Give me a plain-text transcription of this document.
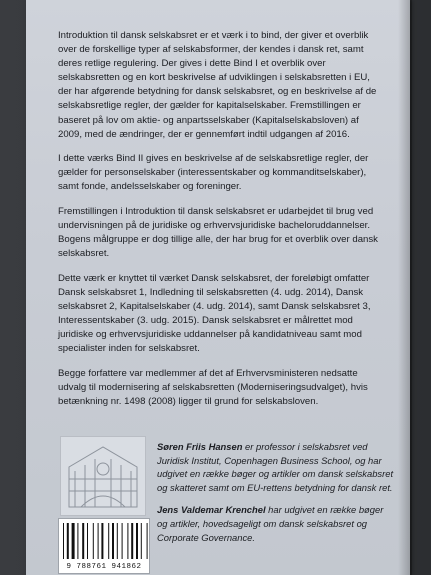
Introduktion til dansk selskabsret er et værk i to bind, der giver et overblik over de forskellige typer af selskabsformer, der kendes i dansk ret, samt deres retlige regulering. Der gives i dette Bind I et overblik over selskabsretten og en kort beskrivelse af udviklingen i selskabsretten i EU, der har afgørende betydning for dansk selskabsret, og en beskrivelse af de selskabsretlige regler, der gælder for kapitalselskaber. Fremstillingen er baseret på lov om aktie- og anpartsselskaber (Kapitalselskabsloven) af 2009, med de ændringer, der er gennemført indtil udgangen af 2016.

I dette værks Bind II gives en beskrivelse af de selskabsretlige regler, der gælder for personselskaber (interessentskaber og kommanditselskaber), samt fonde, andelsselskaber og foreninger.

Fremstillingen i Introduktion til dansk selskabsret er udarbejdet til brug ved undervisningen på de juridiske og erhvervsjuridiske bacheloruddannelser. Bogens målgruppe er dog tillige alle, der har brug for et overblik over dansk selskabsret.

Dette værk er knyttet til værket Dansk selskabsret, der foreløbigt omfatter Dansk selskabsret 1, Indledning til selskabsretten (4. udg. 2014), Dansk selskabsret 2, Kapitalselskaber (4. udg. 2014), samt Dansk selskabsret 3, Interessentskaber (3. udg. 2015). Dansk selskabsret er målrettet mod juridiske og erhvervsjuridiske uddannelser på kandidatniveau samt mod specialister inden for selskabsret.

Begge forfattere var medlemmer af det af Erhvervsministeren nedsatte udvalg til modernisering af selskabsretten (Moderniseringsudvalget), hvis betænkning nr. 1498 (2008) ligger til grund for selskabsloven.

9 788761 941862

Søren Friis Hansen er professor i selskabsret ved Juridisk Institut, Copenhagen Business School, og har udgivet en række bøger og artikler om dansk selskabsret og skatteret samt om EU-rettens betydning for dansk ret.

Jens Valdemar Krenchel har udgivet en række bøger og artikler, hovedsageligt om dansk selskabsret og Corporate Governance.
